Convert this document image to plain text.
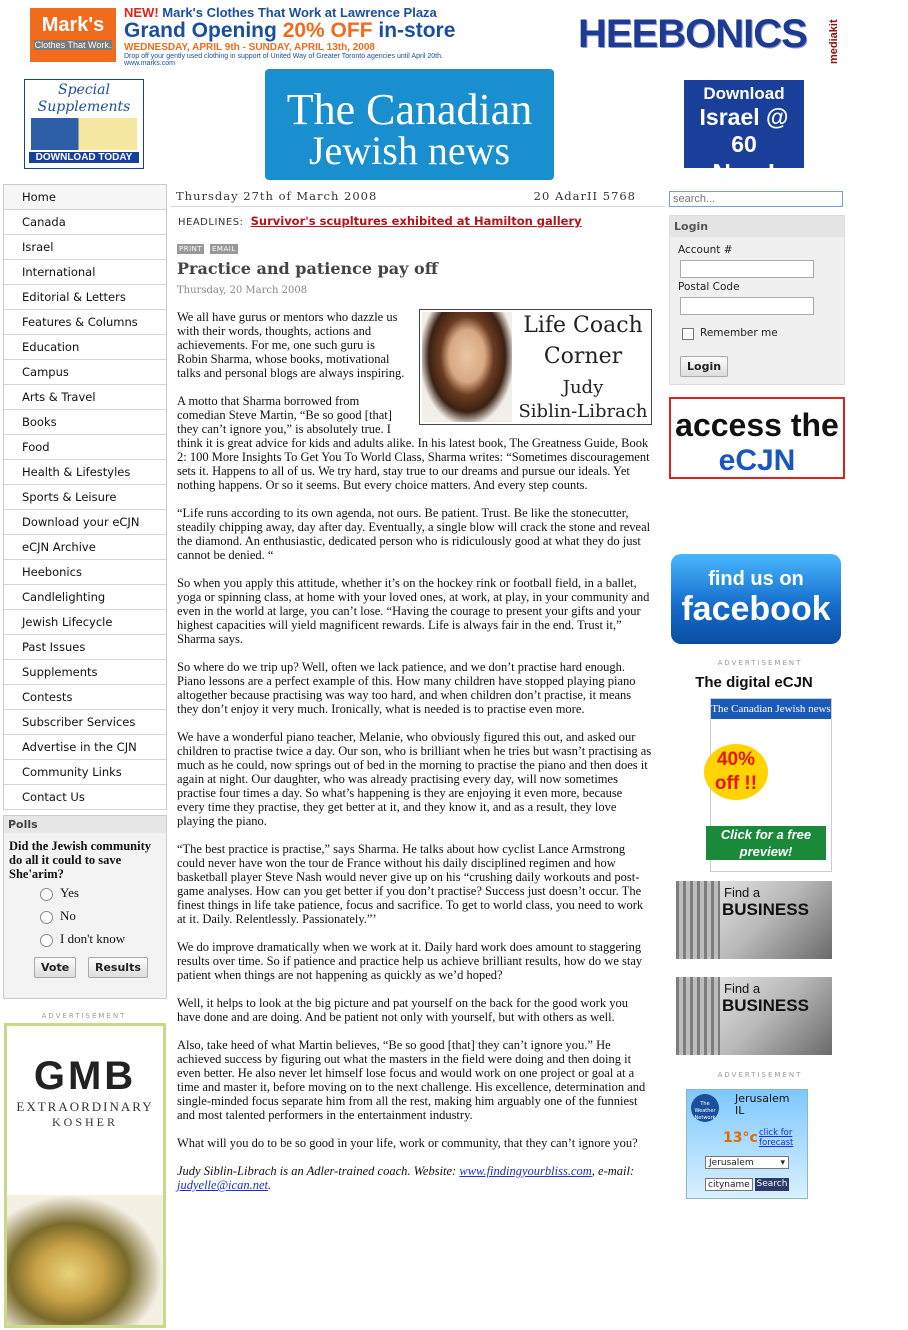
Mark's
Clothes That Work.
NEW! Mark's Clothes That Work at Lawrence Plaza
Grand Opening 20% OFF in-store
WEDNESDAY, APRIL 9th - SUNDAY, APRIL 13th, 2008
Drop off your gently used clothing in support of United Way of Greater Toronto agencies until April 20th. www.marks.com
HEEBONICS mediakit
Special Supplements
DOWNLOAD TODAY
The Canadian
Jewish news
Download
Israel @ 60
Now!
Home
Canada
Israel
International
Editorial & Letters
Features & Columns
Education
Campus
Arts & Travel
Books
Food
Health & Lifestyles
Sports & Leisure
Download your eCJN
eCJN Archive
Heebonics
Candlelighting
Jewish Lifecycle
Past Issues
Supplements
Contests
Subscriber Services
Advertise in the CJN
Community Links
Contact Us
Polls
Did the Jewish community do all it could to save She'arim?
Yes
No
I don't know
Vote	Results
ADVERTISEMENT
GMB
EXTRAORDINARY
KOSHER
Thursday 27th of March 2008	20 AdarII 5768
HEADLINES: Survivor's scupltures exhibited at Hamilton gallery
PRINT EMAIL
Practice and patience pay off
Thursday, 20 March 2008

We all have gurus or mentors who dazzle us with their words, thoughts, actions and achievements. For me, one such guru is Robin Sharma, whose books, motivational talks and personal blogs are always inspiring.

A motto that Sharma borrowed from comedian Steve Martin, “Be so good [that] they can’t ignore you,” is absolutely true. I think it is great advice for kids and adults alike. In his latest book, The Greatness Guide, Book 2: 100 More Insights To Get You To World Class, Sharma writes: “Sometimes discouragement sets it. Happens to all of us. We try hard, stay true to our dreams and pursue our ideals. Yet nothing happens. Or so it seems. But every choice matters. And every step counts.

“Life runs according to its own agenda, not ours. Be patient. Trust. Be like the stonecutter, steadily chipping away, day after day. Eventually, a single blow will crack the stone and reveal the diamond. An enthusiastic, dedicated person who is ridiculously good at what they do just cannot be denied. “

So when you apply this attitude, whether it’s on the hockey rink or football field, in a ballet, yoga or spinning class, at home with your loved ones, at work, at play, in your community and even in the world at large, you can’t lose. “Having the courage to present your gifts and your highest capacities will yield magnificent rewards. Life is always fair in the end. Trust it,” Sharma says.

So where do we trip up? Well, often we lack patience, and we don’t practise hard enough. Piano lessons are a perfect example of this. How many children have stopped playing piano altogether because practising was way too hard, and when children don’t practise, it means they don’t enjoy it very much. Ironically, what is needed is to practise even more.

We have a wonderful piano teacher, Melanie, who obviously figured this out, and asked our children to practise twice a day. Our son, who is brilliant when he tries but wasn’t practising as much as he could, now springs out of bed in the morning to practise the piano and then does it again at night. Our daughter, who was already practising every day, will now sometimes practise four times a day. So what’s happening is they are enjoying it even more, because every time they practise, they get better at it, and they know it, and as a result, they love playing the piano.

“The best practice is practise,” says Sharma. He talks about how cyclist Lance Armstrong could never have won the tour de France without his daily disciplined regimen and how basketball player Steve Nash would never give up on his “crushing daily workouts and post-game analyses. How can you get better if you don’t practise? Success just doesn’t occur. The finest things in life take patience, focus and sacrifice. To get to world class, you need to work at it. Daily. Relentlessly. Passionately.”’

We do improve dramatically when we work at it. Daily hard work does amount to staggering results over time. So if patience and practice help us achieve brilliant results, how do we stay patient when things are not happening as quickly as we’d hoped?

Well, it helps to look at the big picture and pat yourself on the back for the good work you have done and are doing. And be patient not only with yourself, but with others as well.

Also, take heed of what Martin believes, “Be so good [that] they can’t ignore you.” He achieved success by figuring out what the masters in the field were doing and then doing it even better. He also never let himself lose focus and would work on one project or goal at a time and master it, before moving on to the next challenge. His excellence, determination and single-minded focus separate him from all the rest, making him arguably one of the funniest and most talented performers in the entertainment industry.

What will you do to be so good in your life, work or community, that they can’t ignore you?

Judy Siblin-Librach is an Adler-trained coach. Website: www.findingyourbliss.com, e-mail: judyelle@ican.net.

Life Coach
Corner
Judy
Siblin-Librach
search...
Login
Account #
Postal Code
Remember me
Login
access the
eCJN
find us on
facebook
ADVERTISEMENT
The digital eCJN
The Canadian Jewish news
40% off !!
Click for a free preview!
Find a
BUSINESS
Find a
BUSINESS
ADVERTISEMENT
The Weather Network
Jerusalem
IL
13°c click for forecast
Jerusalem	▾
cityname Search
